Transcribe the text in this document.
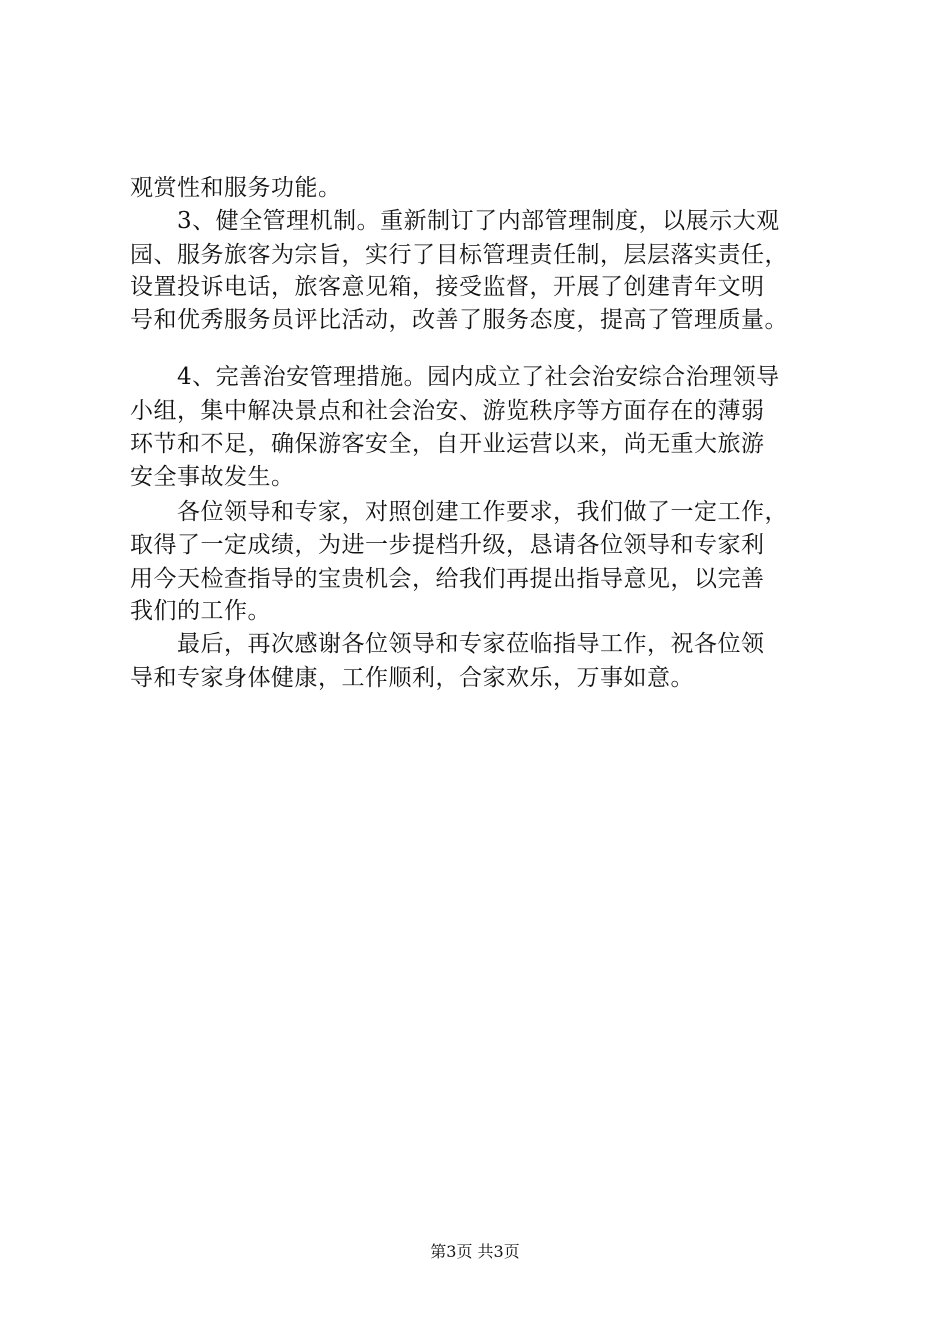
观赏性和服务功能。
3、健全管理机制。重新制订了内部管理制度，以展示大观
园、服务旅客为宗旨，实行了目标管理责任制，层层落实责任，
设置投诉电话，旅客意见箱，接受监督，开展了创建青年文明
号和优秀服务员评比活动，改善了服务态度，提高了管理质量。
4、完善治安管理措施。园内成立了社会治安综合治理领导
小组，集中解决景点和社会治安、游览秩序等方面存在的薄弱
环节和不足，确保游客安全，自开业运营以来，尚无重大旅游
安全事故发生。
各位领导和专家，对照创建工作要求，我们做了一定工作，
取得了一定成绩，为进一步提档升级，恳请各位领导和专家利
用今天检查指导的宝贵机会，给我们再提出指导意见，以完善
我们的工作。
最后，再次感谢各位领导和专家莅临指导工作，祝各位领
导和专家身体健康，工作顺利，合家欢乐，万事如意。
第3页 共3页
